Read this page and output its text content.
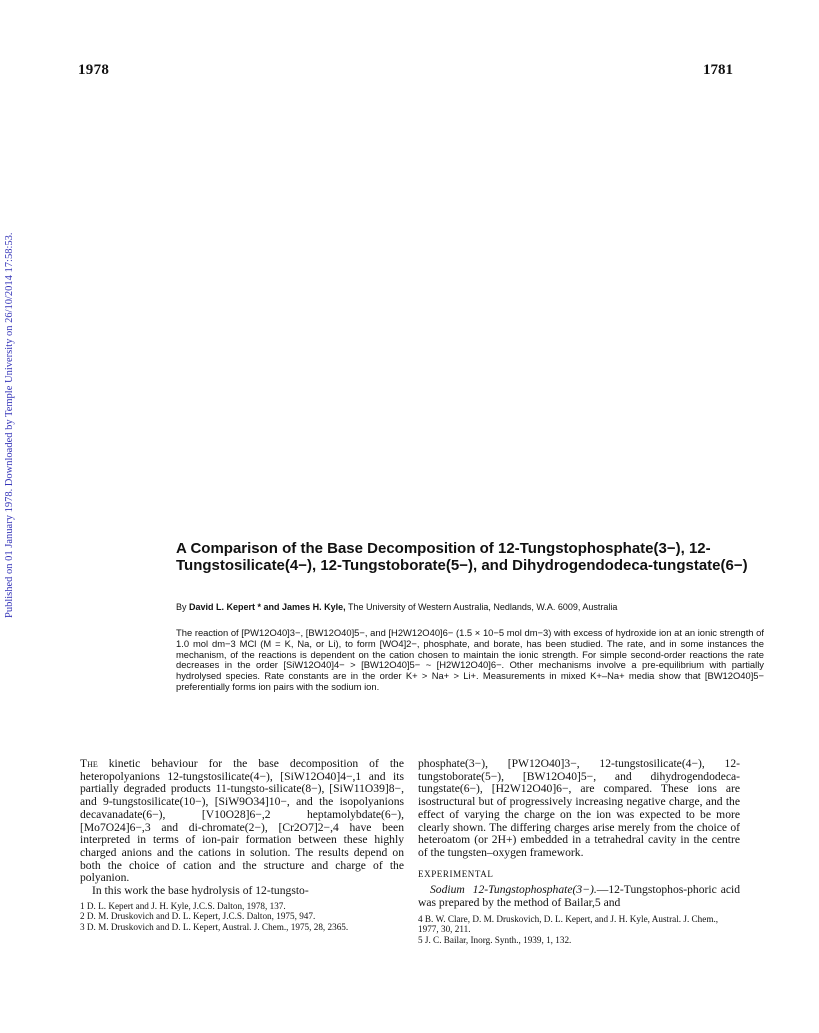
1978	1781
Published on 01 January 1978. Downloaded by Temple University on 26/10/2014 17:58:53.	A Comparison of the Base Decomposition of 12-Tungstophosphate(3−), 12-Tungstosilicate(4−), 12-Tungstoborate(5−), and Dihydrogendodeca-tungstate(6−)
By David L. Kepert * and James H. Kyle, The University of Western Australia, Nedlands, W.A. 6009, Australia
The reaction of [PW12O40]3−, [BW12O40]5−, and [H2W12O40]6− (1.5 × 10−5 mol dm−3) with excess of hydroxide ion at an ionic strength of 1.0 mol dm−3 MCl (M = K, Na, or Li), to form [WO4]2−, phosphate, and borate, has been studied. The rate, and in some instances the mechanism, of the reactions is dependent on the cation chosen to maintain the ionic strength. For simple second-order reactions the rate decreases in the order [SiW12O40]4− > [BW12O40]5− ~ [H2W12O40]6−. Other mechanisms involve a pre-equilibrium with partially hydrolysed species. Rate constants are in the order K+ > Na+ > Li+. Measurements in mixed K+–Na+ media show that [BW12O40]5− preferentially forms ion pairs with the sodium ion.

The kinetic behaviour for the base decomposition of the heteropolyanions 12-tungstosilicate(4−), [SiW12O40]4−,1 and its partially degraded products 11-tungsto-silicate(8−), [SiW11O39]8−, and 9-tungstosilicate(10−), [SiW9O34]10−, and the isopolyanions decavanadate(6−), [V10O28]6−,2 heptamolybdate(6−), [Mo7O24]6−,3 and di-chromate(2−), [Cr2O7]2−,4 have been interpreted in terms of ion-pair formation between these highly charged anions and the cations in solution. The results depend on both the choice of cation and the structure and charge of the polyanion.

In this work the base hydrolysis of 12-tungsto-

1 D. L. Kepert and J. H. Kyle, J.C.S. Dalton, 1978, 137.
2 D. M. Druskovich and D. L. Kepert, J.C.S. Dalton, 1975, 947.
3 D. M. Druskovich and D. L. Kepert, Austral. J. Chem., 1975, 28, 2365.

phosphate(3−), [PW12O40]3−, 12-tungstosilicate(4−), 12-tungstoborate(5−), [BW12O40]5−, and dihydrogendodeca-tungstate(6−), [H2W12O40]6−, are compared. These ions are isostructural but of progressively increasing negative charge, and the effect of varying the charge on the ion was expected to be more clearly shown. The differing charges arise merely from the choice of heteroatom (or 2H+) embedded in a tetrahedral cavity in the centre of the tungsten–oxygen framework.

EXPERIMENTAL

Sodium 12-Tungstophosphate(3−).—12-Tungstophos-phoric acid was prepared by the method of Bailar,5 and

4 B. W. Clare, D. M. Druskovich, D. L. Kepert, and J. H. Kyle, Austral. J. Chem., 1977, 30, 211.
5 J. C. Bailar, Inorg. Synth., 1939, 1, 132.
